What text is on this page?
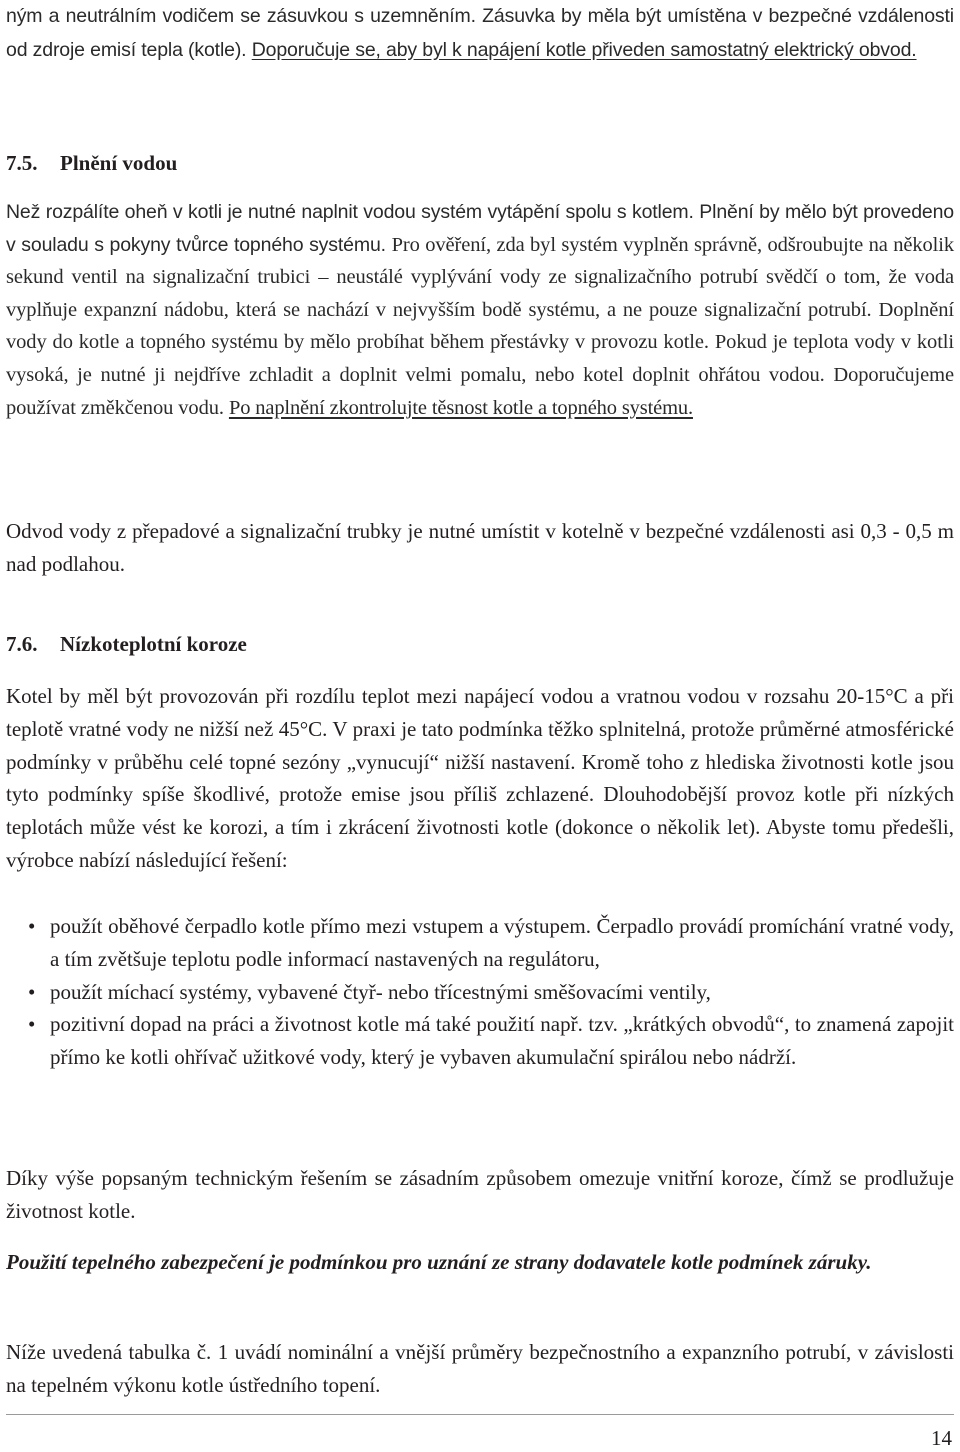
ným a neutrálním vodičem se zásuvkou s uzemněním. Zásuvka by měla být umístěna v bezpečné vzdálenosti od zdroje emisí tepla (kotle). Doporučuje se, aby byl k napájení kotle přiveden samostatný elektrický obvod.

7.5. Plnění vodou

Než rozpálíte oheň v kotli je nutné naplnit vodou systém vytápění spolu s kotlem. Plnění by mělo být provedeno v souladu s pokyny tvůrce topného systému. Pro ověření, zda byl systém vyplněn správně, odšroubujte na několik sekund ventil na signalizační trubici – neustálé vyplývání vody ze signalizačního potrubí svědčí o tom, že voda vyplňuje expanzní nádobu, která se nachází v nejvyšším bodě systému, a ne pouze signalizační potrubí. Doplnění vody do kotle a topného systému by mělo probíhat během přestávky v provozu kotle. Pokud je teplota vody v kotli vysoká, je nutné ji nejdříve zchladit a doplnit velmi pomalu, nebo kotel doplnit ohřátou vodou. Doporučujeme používat změkčenou vodu. Po naplnění zkontrolujte těsnost kotle a topného systému.

Odvod vody z přepadové a signalizační trubky je nutné umístit v kotelně v bezpečné vzdálenosti asi 0,3 - 0,5 m nad podlahou.

7.6. Nízkoteplotní koroze

Kotel by měl být provozován při rozdílu teplot mezi napájecí vodou a vratnou vodou v rozsahu 20-15°C a při teplotě vratné vody ne nižší než 45°C. V praxi je tato podmínka těžko splnitelná, protože průměrné atmosférické podmínky v průběhu celé topné sezóny „vynucují“ nižší nastavení. Kromě toho z hlediska životnosti kotle jsou tyto podmínky spíše škodlivé, protože emise jsou příliš zchlazené. Dlouhodobější provoz kotle při nízkých teplotách může vést ke korozi, a tím i zkrácení životnosti kotle (dokonce o několik let). Abyste tomu předešli, výrobce nabízí následující řešení:

• použít oběhové čerpadlo kotle přímo mezi vstupem a výstupem. Čerpadlo provádí promíchání vratné vody, a tím zvětšuje teplotu podle informací nastavených na regulátoru,
• použít míchací systémy, vybavené čtyř- nebo třícestnými směšovacími ventily,
• pozitivní dopad na práci a životnost kotle má také použití např. tzv. „krátkých obvodů“, to znamená zapojit přímo ke kotli ohřívač užitkové vody, který je vybaven akumulační spirálou nebo nádrží.

Díky výše popsaným technickým řešením se zásadním způsobem omezuje vnitřní koroze, čímž se prodlužuje životnost kotle.

Použití tepelného zabezpečení je podmínkou pro uznání ze strany dodavatele kotle podmínek záruky.

Níže uvedená tabulka č. 1 uvádí nominální a vnější průměry bezpečnostního a expanzního potrubí, v závislosti na tepelném výkonu kotle ústředního topení.

14
